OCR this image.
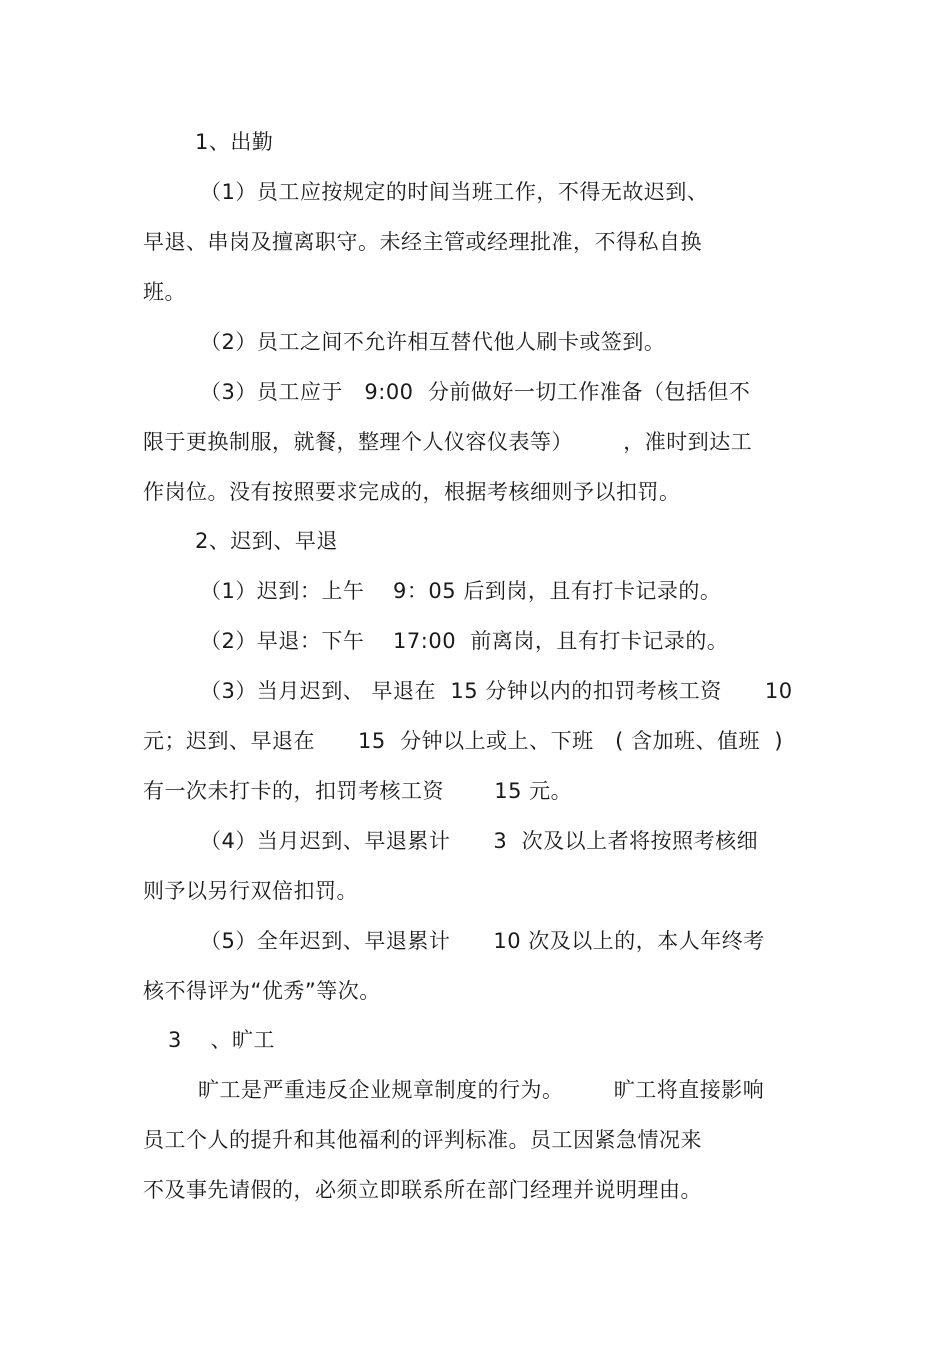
1、出勤
（1）员工应按规定的时间当班工作，不得无故迟到、
早退、串岗及擅离职守。未经主管或经理批准，不得私自换
班。
（2）员工之间不允许相互替代他人刷卡或签到。
（3）员工应于   9:00  分前做好一切工作准备（包括但不
限于更换制服，就餐，整理个人仪容仪表等）       ，准时到达工
作岗位。没有按照要求完成的，根据考核细则予以扣罚。
2、迟到、早退
（1）迟到：上午    9：05 后到岗，且有打卡记录的。
（2）早退：下午    17:00  前离岗，且有打卡记录的。
（3）当月迟到、 早退在  15 分钟以内的扣罚考核工资      10
元；迟到、早退在      15  分钟以上或上、下班   ( 含加班、值班  )
有一次未打卡的，扣罚考核工资       15 元。
（4）当月迟到、早退累计      3  次及以上者将按照考核细
则予以另行双倍扣罚。
（5）全年迟到、早退累计      10 次及以上的，本人年终考
核不得评为“优秀”等次。
3    、旷工
旷工是严重违反企业规章制度的行为。       旷工将直接影响
员工个人的提升和其他福利的评判标准。员工因紧急情况来
不及事先请假的，必须立即联系所在部门经理并说明理由。
